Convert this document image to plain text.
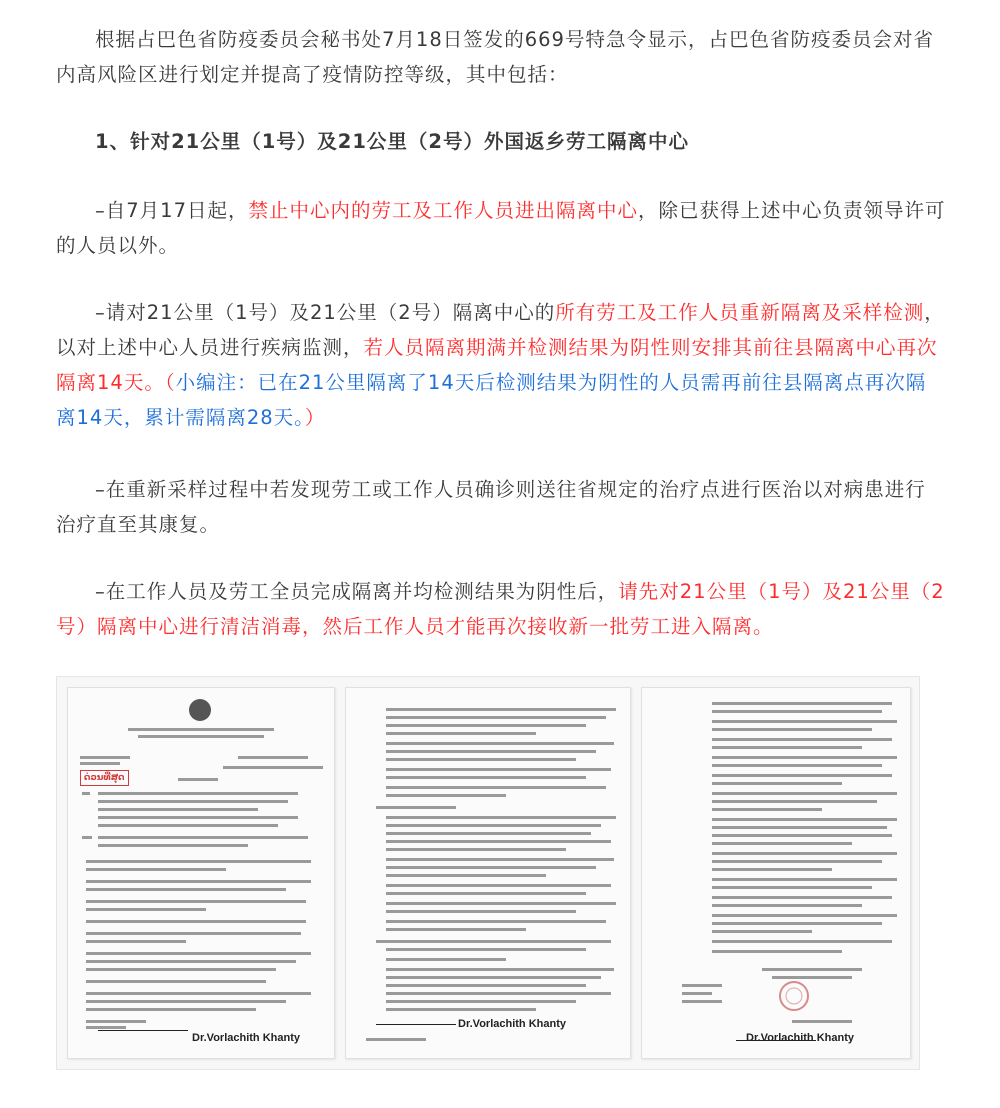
根据占巴色省防疫委员会秘书处7月18日签发的669号特急令显示，占巴色省防疫委员会对省内高风险区进行划定并提高了疫情防控等级，其中包括：

1、针对21公里（1号）及21公里（2号）外国返乡劳工隔离中心

–自7月17日起，禁止中心内的劳工及工作人员进出隔离中心，除已获得上述中心负责领导许可的人员以外。

–请对21公里（1号）及21公里（2号）隔离中心的所有劳工及工作人员重新隔离及采样检测，以对上述中心人员进行疾病监测，若人员隔离期满并检测结果为阴性则安排其前往县隔离中心再次隔离14天。（小编注：已在21公里隔离了14天后检测结果为阴性的人员需再前往县隔离点再次隔离14天，累计需隔离28天。）

–在重新采样过程中若发现劳工或工作人员确诊则送往省规定的治疗点进行医治以对病患进行治疗直至其康复。

–在工作人员及劳工全员完成隔离并均检测结果为阴性后，请先对21公里（1号）及21公里（2号）隔离中心进行清洁消毒，然后工作人员才能再次接收新一批劳工进入隔离。

ດ່ວນທີ່ສຸດ
Dr.Vorlachith Khanty
Dr.Vorlachith Khanty
Dr.Vorlachith Khanty
